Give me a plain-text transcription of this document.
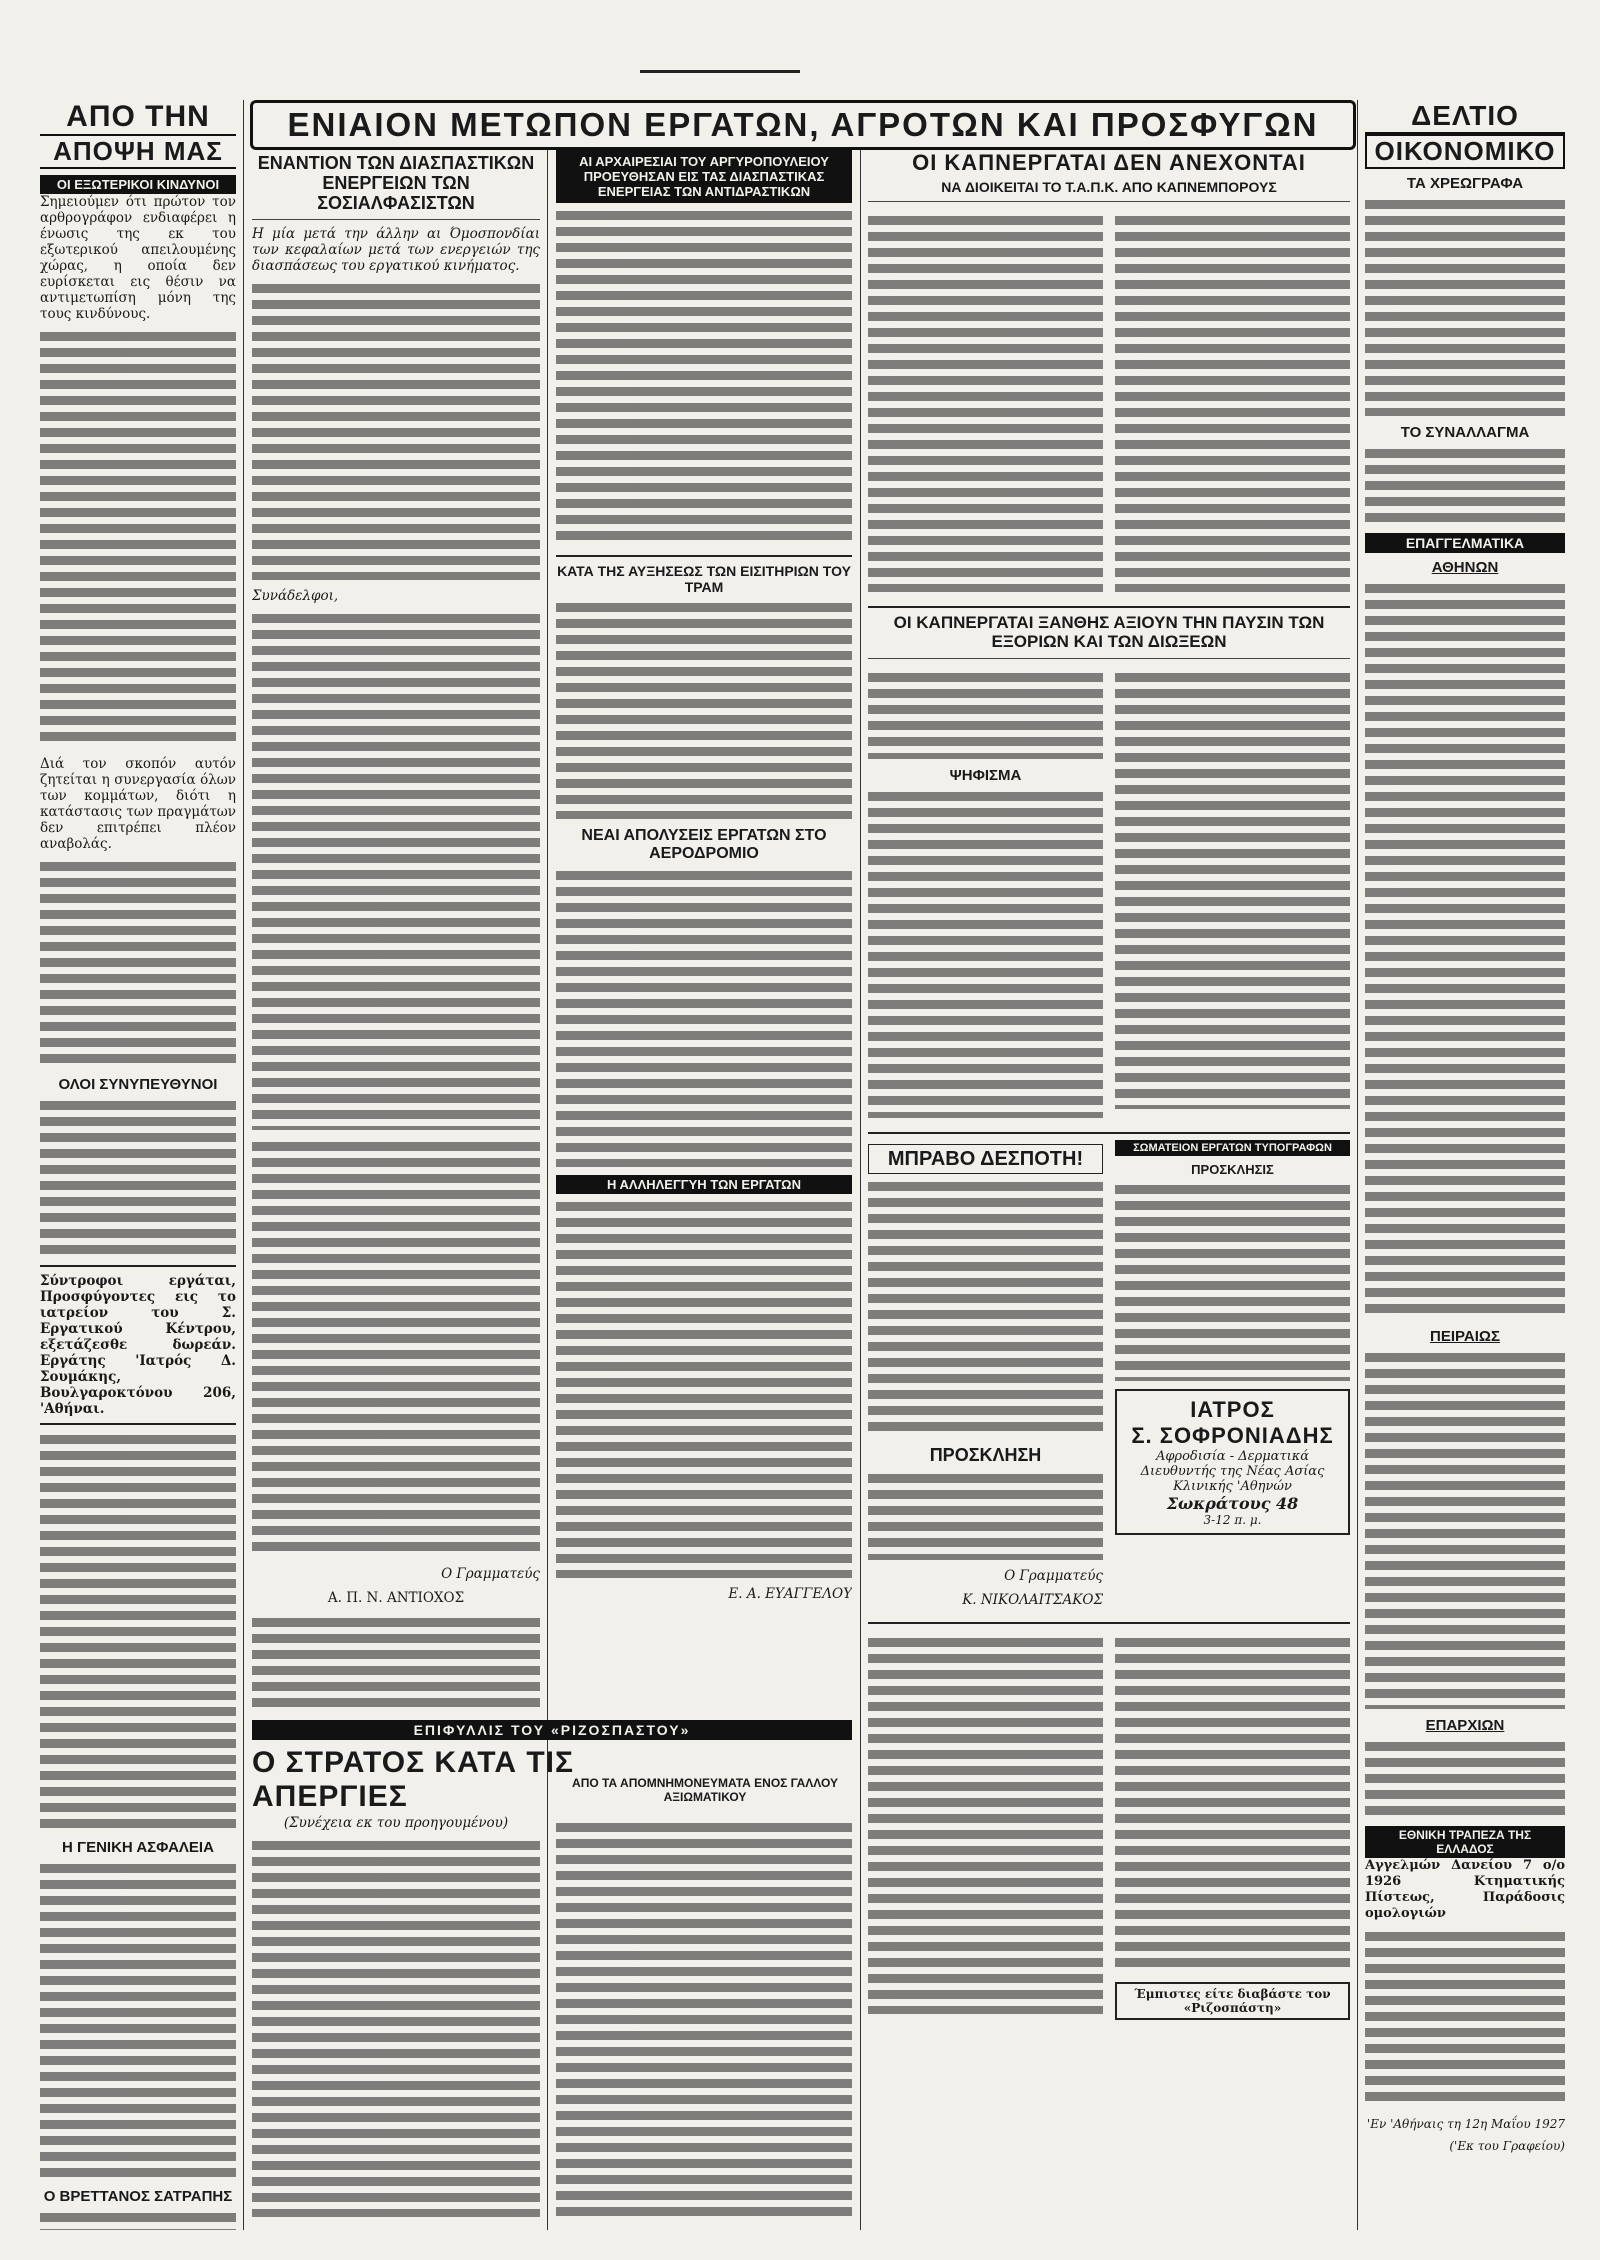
ΕΝΙΑΙΟΝ ΜΕΤΩΠΟΝ ΕΡΓΑΤΩΝ, ΑΓΡΟΤΩΝ ΚΑΙ ΠΡΟΣΦΥΓΩΝ
ΑΠΟ ΤΗΝ
ΑΠΟΨΗ ΜΑΣ
ΟΙ ΕΞΩΤΕΡΙΚΟΙ ΚΙΝΔΥΝΟΙ

Σημειούμεν ότι πρώτον τον αρθρογράφον ενδιαφέρει η ένωσις της εκ του εξωτερικού απειλουμένης χώρας, η οποία δεν ευρίσκεται εις θέσιν να αντιμετωπίση μόνη της τους κινδύνους.

Διά τον σκοπόν αυτόν ζητείται η συνεργασία όλων των κομμάτων, διότι η κατάστασις των πραγμάτων δεν επιτρέπει πλέον αναβολάς.

ΟΛΟΙ ΣΥΝΥΠΕΥΘΥΝΟΙ

Σύντροφοι εργάται, Προσφύγοντες εις το ιατρείον του Σ. Εργατικού Κέντρου, εξετάζεσθε δωρεάν. Εργάτης 'Ιατρός Δ. Σουμάκης, Βουλγαροκτόνου 206, 'Αθήναι.

Η ΓΕΝΙΚΗ ΑΣΦΑΛΕΙΑ
Ο ΒΡΕΤΤΑΝΟΣ ΣΑΤΡΑΠΗΣ
ΕΝΑΝΤΙΟΝ ΤΩΝ ΔΙΑΣΠΑΣΤΙΚΩΝ ΕΝΕΡΓΕΙΩΝ ΤΩΝ ΣΟΣΙΑΛΦΑΣΙΣΤΩΝ

Η μία μετά την άλλην αι Όμοσπονδίαι των κεφαλαίων μετά των ενεργειών της διασπάσεως του εργατικού κινήματος.

Συνάδελφοι,

Ο Γραμματεύς
Α. Π. Ν. ΑΝΤΙΟΧΟΣ
ΕΠΙΦΥΛΛΙΣ ΤΟΥ «ΡΙΖΟΣΠΑΣΤΟΥ»
Ο ΣΤΡΑΤΟΣ ΚΑΤΑ ΤΙΣ ΑΠΕΡΓΙΕΣ	ΑΠΟ ΤΑ ΑΠΟΜΝΗΜΟΝΕΥΜΑΤΑ ΕΝΟΣ ΓΑΛΛΟΥ ΑΞΙΩΜΑΤΙΚΟΥ

(Συνέχεια εκ του προηγουμένου)

ΑΙ ΑΡΧΑΙΡΕΣΙΑΙ ΤΟΥ ΑΡΓΥΡΟΠΟΥΛΕΙΟΥ ΠΡΟΕΥΘΗΣΑΝ ΕΙΣ ΤΑΣ ΔΙΑΣΠΑΣΤΙΚΑΣ ΕΝΕΡΓΕΙΑΣ ΤΩΝ ΑΝΤΙΔΡΑΣΤΙΚΩΝ
ΚΑΤΑ ΤΗΣ ΑΥΞΗΣΕΩΣ ΤΩΝ ΕΙΣΙΤΗΡΙΩΝ ΤΟΥ ΤΡΑΜ
ΝΕΑΙ ΑΠΟΛΥΣΕΙΣ ΕΡΓΑΤΩΝ ΣΤΟ ΑΕΡΟΔΡΟΜΙΟ
Η ΑΛΛΗΛΕΓΓΥΗ ΤΩΝ ΕΡΓΑΤΩΝ
Ε. Α. ΕΥΑΓΓΕΛΟΥ
ΟΙ ΚΑΠΝΕΡΓΑΤΑΙ ΔΕΝ ΑΝΕΧΟΝΤΑΙ
ΝΑ ΔΙΟΙΚΕΙΤΑΙ ΤΟ Τ.Α.Π.Κ. ΑΠΟ ΚΑΠΝΕΜΠΟΡΟΥΣ
ΟΙ ΚΑΠΝΕΡΓΑΤΑΙ ΞΑΝΘΗΣ ΑΞΙΟΥΝ ΤΗΝ ΠΑΥΣΙΝ ΤΩΝ ΕΞΟΡΙΩΝ ΚΑΙ ΤΩΝ ΔΙΩΞΕΩΝ
ΨΗΦΙΣΜΑ
ΜΠΡΑΒΟ ΔΕΣΠΟΤΗ!
ΠΡΟΣΚΛΗΣΗ
Ο Γραμματεύς
Κ. ΝΙΚΟΛΑΙΤΣΑΚΟΣ
ΣΩΜΑΤΕΙΟΝ ΕΡΓΑΤΩΝ ΤΥΠΟΓΡΑΦΩΝ
ΠΡΟΣΚΛΗΣΙΣ
ΙΑΤΡΟΣ
Σ. ΣΟΦΡΟΝΙΑΔΗΣ
Αφροδισία - Δερματικά
Διευθυντής της Νέας Ασίας
Κλινικής 'Αθηνών
Σωκράτους 48
3-12 π. μ.
Έμπιστες είτε διαβάστε τον «Ριζοσπάστη»
ΔΕΛΤΙΟ
ΟΙΚΟΝΟΜΙΚΟ
ΤΑ ΧΡΕΩΓΡΑΦΑ
ΤΟ ΣΥΝΑΛΛΑΓΜΑ
ΕΠΑΓΓΕΛΜΑΤΙΚΑ
ΑΘΗΝΩΝ
ΠΕΙΡΑΙΩΣ
ΕΠΑΡΧΙΩΝ
ΕΘΝΙΚΗ ΤΡΑΠΕΖΑ ΤΗΣ ΕΛΛΑΔΟΣ

Αγγελμών Δανείου 7 ο/ο 1926 Κτηματικής Πίστεως, Παράδοσις ομολογιών

'Εν 'Αθήναις τη 12η Μαΐου 1927

('Εκ του Γραφείου)
